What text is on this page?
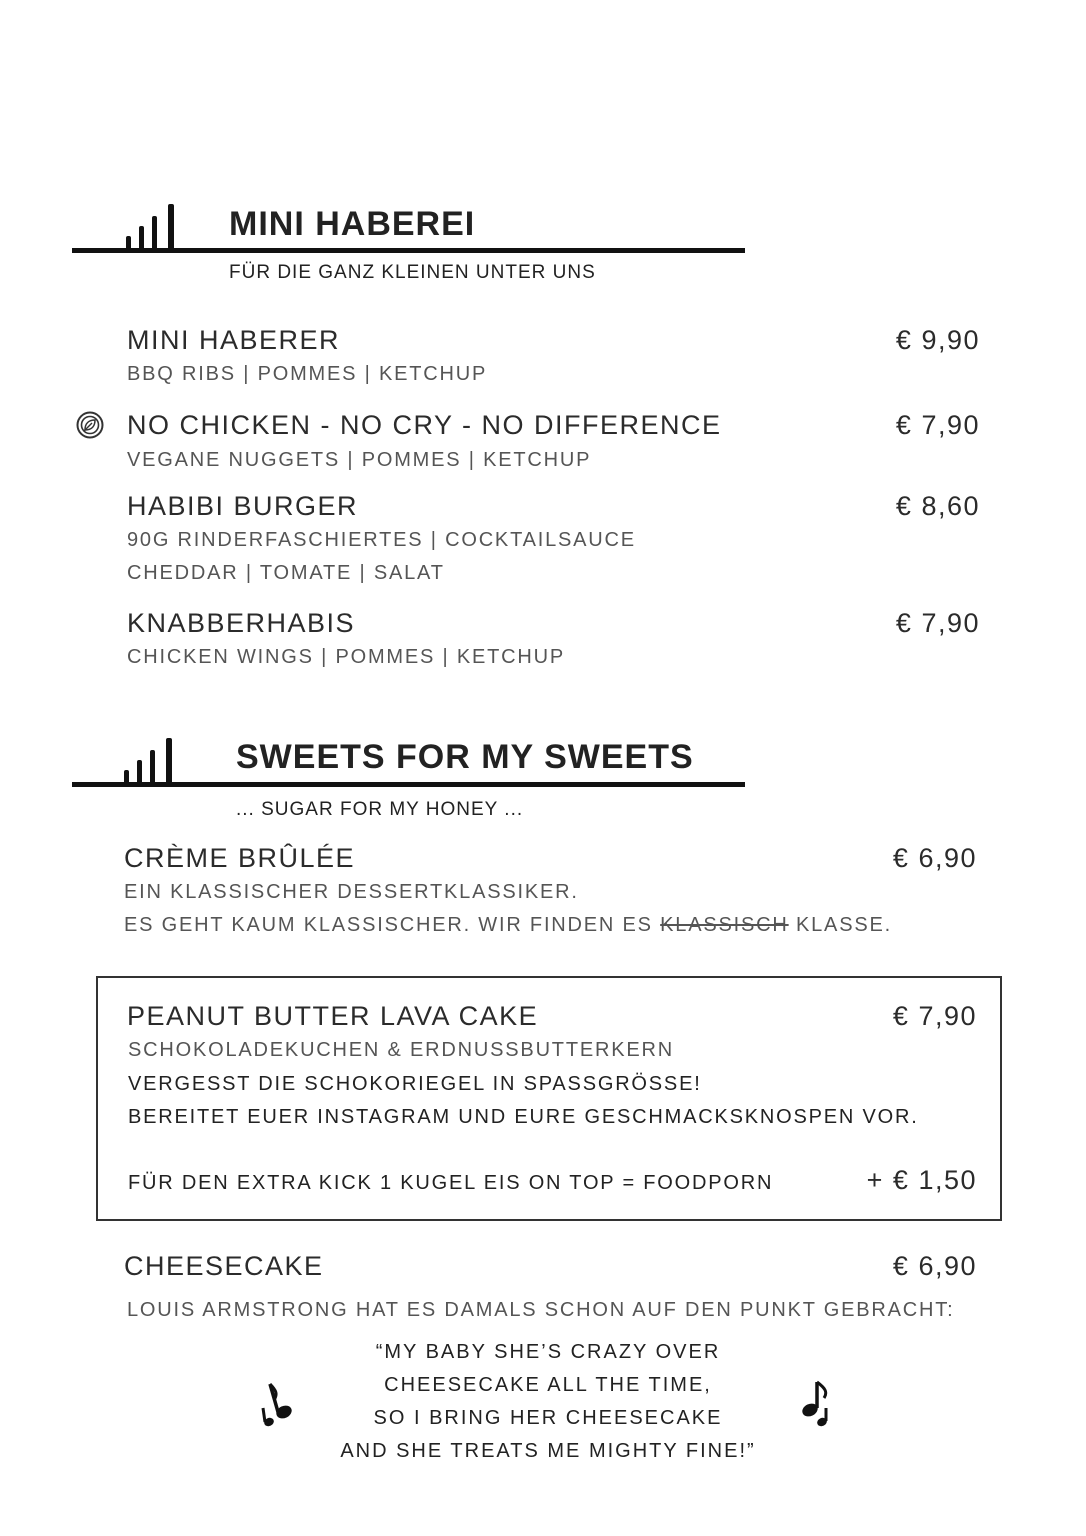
MINI HABEREI
FÜR DIE GANZ KLEINEN UNTER UNS
MINI HABERER	€ 9,90
BBQ RIBS | POMMES | KETCHUP
NO CHICKEN - NO CRY - NO DIFFERENCE	€ 7,90
VEGANE NUGGETS | POMMES | KETCHUP
HABIBI BURGER	€ 8,60
90G RINDERFASCHIERTES | COCKTAILSAUCE
CHEDDAR | TOMATE | SALAT
KNABBERHABIS	€ 7,90
CHICKEN WINGS | POMMES | KETCHUP
SWEETS FOR MY SWEETS
... SUGAR FOR MY HONEY ...
CRÈME BRÛLÉE	€ 6,90
EIN KLASSISCHER DESSERTKLASSIKER.
ES GEHT KAUM KLASSISCHER. WIR FINDEN ES KLASSISCH KLASSE.
PEANUT BUTTER LAVA CAKE	€ 7,90
SCHOKOLADEKUCHEN & ERDNUSSBUTTERKERN
VERGESST DIE SCHOKORIEGEL IN SPASSGRÖSSE!
BEREITET EUER INSTAGRAM UND EURE GESCHMACKSKNOSPEN VOR.
FÜR DEN EXTRA KICK 1 KUGEL EIS ON TOP = FOODPORN	+ € 1,50
CHEESECAKE	€ 6,90
LOUIS ARMSTRONG HAT ES DAMALS SCHON AUF DEN PUNKT GEBRACHT:
“MY BABY SHE’S CRAZY OVER
CHEESECAKE ALL THE TIME,
SO I BRING HER CHEESECAKE
AND SHE TREATS ME MIGHTY FINE!”
